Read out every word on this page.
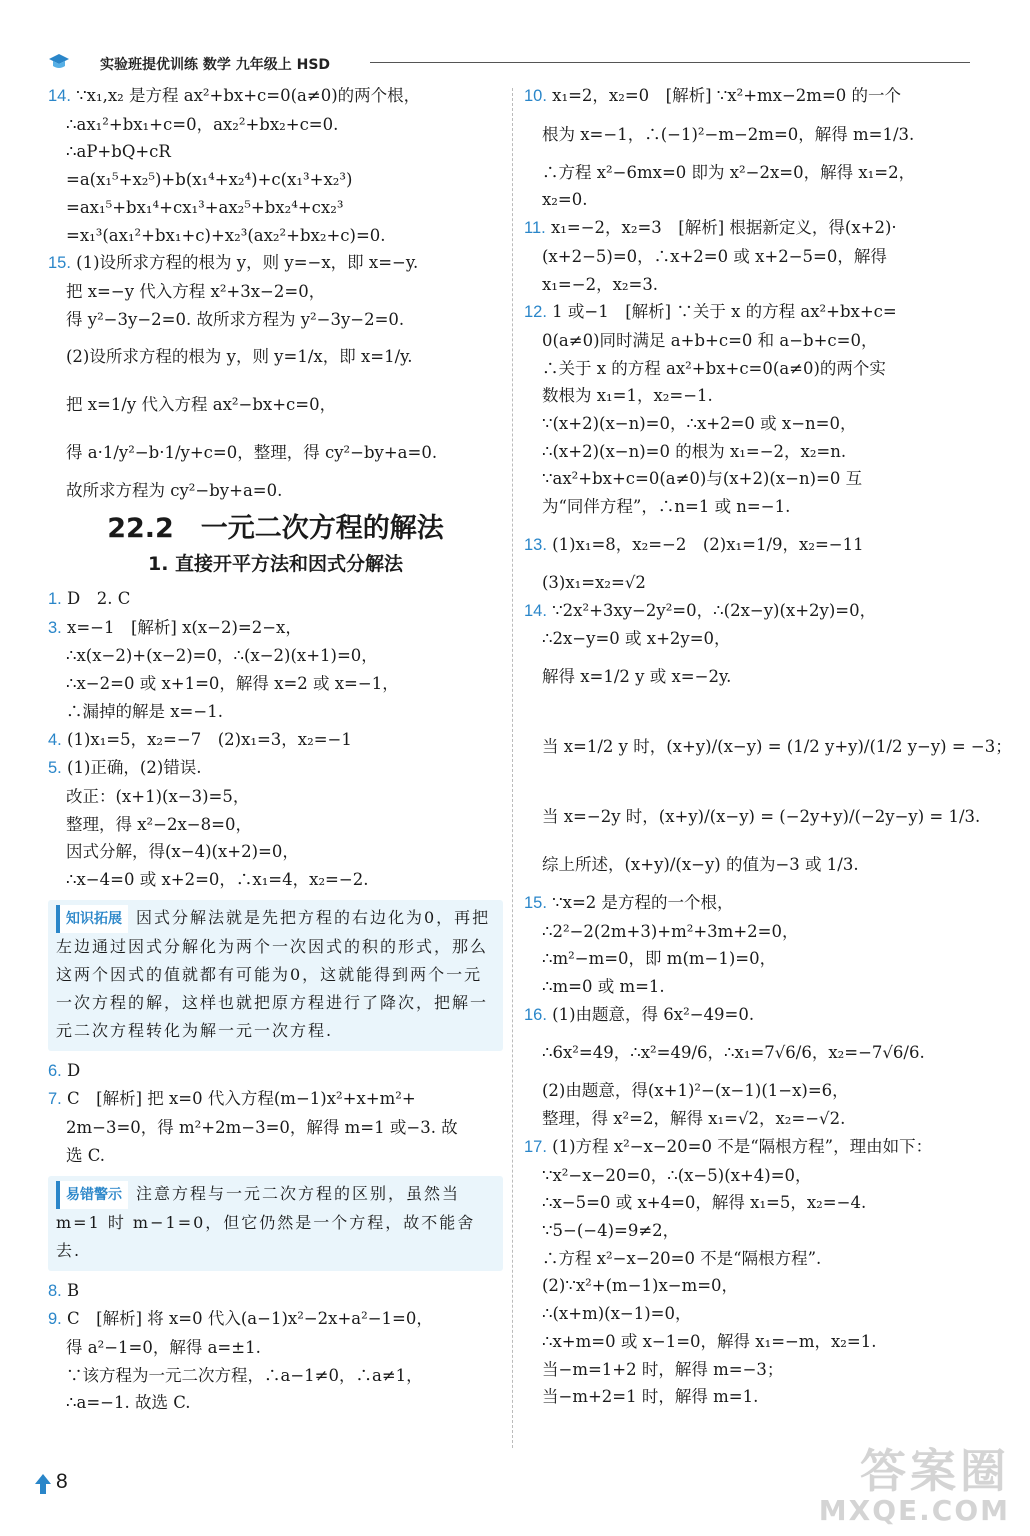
实验班提优训练 数学 九年级上 HSD
14. ∵x₁,x₂ 是方程 ax²+bx+c=0(a≠0)的两个根，
∴ax₁²+bx₁+c=0，ax₂²+bx₂+c=0.
∴aP+bQ+cR
=a(x₁⁵+x₂⁵)+b(x₁⁴+x₂⁴)+c(x₁³+x₂³)
=ax₁⁵+bx₁⁴+cx₁³+ax₂⁵+bx₂⁴+cx₂³
=x₁³(ax₁²+bx₁+c)+x₂³(ax₂²+bx₂+c)=0.
15. (1)设所求方程的根为 y，则 y=−x，即 x=−y.
把 x=−y 代入方程 x²+3x−2=0，
得 y²−3y−2=0. 故所求方程为 y²−3y−2=0.
(2)设所求方程的根为 y，则 y=1/x，即 x=1/y.
把 x=1/y 代入方程 ax²−bx+c=0，
得 a·1/y²−b·1/y+c=0，整理，得 cy²−by+a=0.
故所求方程为 cy²−by+a=0.
22.2　一元二次方程的解法
1. 直接开平方法和因式分解法
1. D　2. C
3. x=−1　[解析] x(x−2)=2−x，
∴x(x−2)+(x−2)=0，∴(x−2)(x+1)=0，
∴x−2=0 或 x+1=0，解得 x=2 或 x=−1，
∴漏掉的解是 x=−1.
4. (1)x₁=5，x₂=−7　(2)x₁=3，x₂=−1
5. (1)正确，(2)错误.
改正：(x+1)(x−3)=5，
整理，得 x²−2x−8=0，
因式分解，得(x−4)(x+2)=0，
∴x−4=0 或 x+2=0，∴x₁=4，x₂=−2.
知识拓展 因式分解法就是先把方程的右边化为0，再把左边通过因式分解化为两个一次因式的积的形式，那么这两个因式的值就都有可能为0，这就能得到两个一元一次方程的解，这样也就把原方程进行了降次，把解一元二次方程转化为解一元一次方程.
6. D
7. C　[解析] 把 x=0 代入方程(m−1)x²+x+m²+
2m−3=0，得 m²+2m−3=0，解得 m=1 或−3. 故
选 C.
易错警示 注意方程与一元二次方程的区别，虽然当 m=1 时 m−1=0，但它仍然是一个方程，故不能舍去.
8. B
9. C　[解析] 将 x=0 代入(a−1)x²−2x+a²−1=0，
得 a²−1=0，解得 a=±1.
∵该方程为一元二次方程，∴a−1≠0，∴a≠1，
∴a=−1. 故选 C.
10. x₁=2，x₂=0　[解析] ∵x²+mx−2m=0 的一个
根为 x=−1，∴(−1)²−m−2m=0，解得 m=1/3.
∴方程 x²−6mx=0 即为 x²−2x=0，解得 x₁=2，
x₂=0.
11. x₁=−2，x₂=3　[解析] 根据新定义，得(x+2)·
(x+2−5)=0，∴x+2=0 或 x+2−5=0，解得
x₁=−2，x₂=3.
12. 1 或−1　[解析] ∵关于 x 的方程 ax²+bx+c=
0(a≠0)同时满足 a+b+c=0 和 a−b+c=0，
∴关于 x 的方程 ax²+bx+c=0(a≠0)的两个实
数根为 x₁=1，x₂=−1.
∵(x+2)(x−n)=0，∴x+2=0 或 x−n=0，
∴(x+2)(x−n)=0 的根为 x₁=−2，x₂=n.
∵ax²+bx+c=0(a≠0)与(x+2)(x−n)=0 互
为“同伴方程”，∴n=1 或 n=−1.
13. (1)x₁=8，x₂=−2　(2)x₁=1/9，x₂=−11
(3)x₁=x₂=√2
14. ∵2x²+3xy−2y²=0，∴(2x−y)(x+2y)=0，
∴2x−y=0 或 x+2y=0，
解得 x=1/2 y 或 x=−2y.
当 x=1/2 y 时，(x+y)/(x−y) = (1/2 y+y)/(1/2 y−y) = −3；
当 x=−2y 时，(x+y)/(x−y) = (−2y+y)/(−2y−y) = 1/3.
综上所述，(x+y)/(x−y) 的值为−3 或 1/3.
15. ∵x=2 是方程的一个根，
∴2²−2(2m+3)+m²+3m+2=0，
∴m²−m=0，即 m(m−1)=0，
∴m=0 或 m=1.
16. (1)由题意，得 6x²−49=0.
∴6x²=49，∴x²=49/6，∴x₁=7√6/6，x₂=−7√6/6.
(2)由题意，得(x+1)²−(x−1)(1−x)=6，
整理，得 x²=2，解得 x₁=√2，x₂=−√2.
17. (1)方程 x²−x−20=0 不是“隔根方程”，理由如下：
∵x²−x−20=0，∴(x−5)(x+4)=0，
∴x−5=0 或 x+4=0，解得 x₁=5，x₂=−4.
∵5−(−4)=9≠2，
∴方程 x²−x−20=0 不是“隔根方程”.
(2)∵x²+(m−1)x−m=0，
∴(x+m)(x−1)=0，
∴x+m=0 或 x−1=0，解得 x₁=−m，x₂=1.
当−m=1+2 时，解得 m=−3；
当−m+2=1 时，解得 m=1.
8	答案圈
MXQE.COM
